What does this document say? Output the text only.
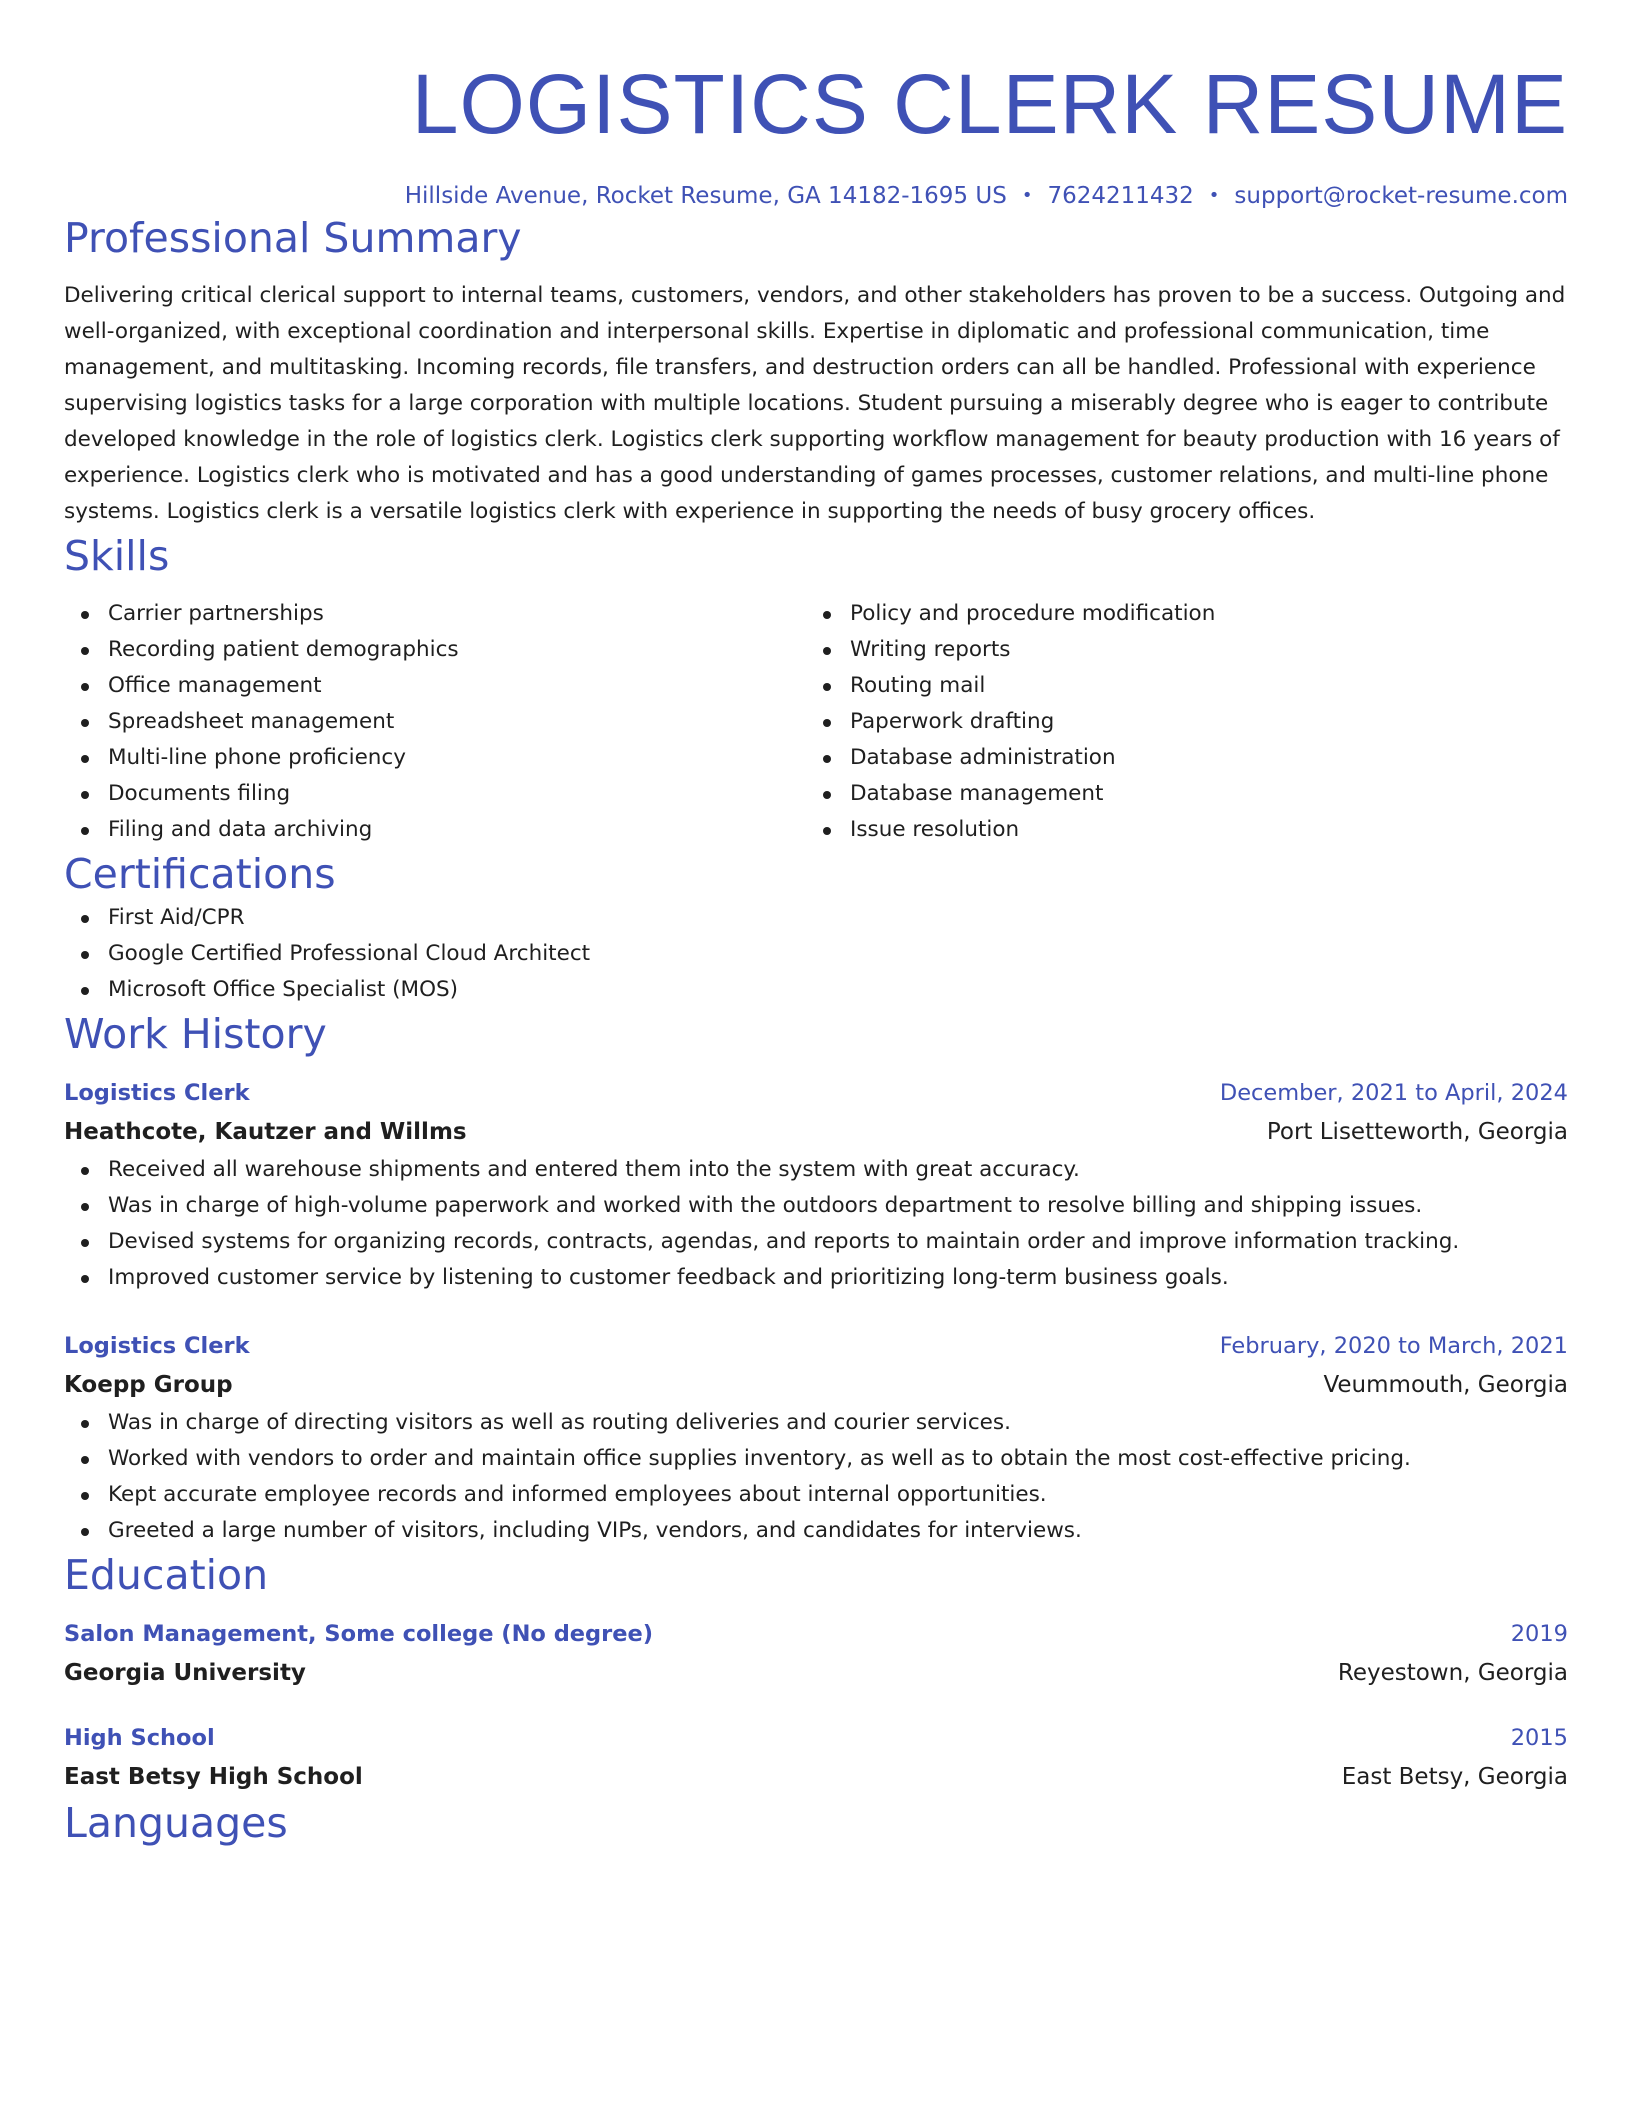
LOGISTICS CLERK RESUME
Hillside Avenue, Rocket Resume, GA 14182-1695 US • 7624211432 • support@rocket-resume.com
Professional Summary
Delivering critical clerical support to internal teams, customers, vendors, and other stakeholders has proven to be a success. Outgoing and well-organized, with exceptional coordination and interpersonal skills. Expertise in diplomatic and professional communication, time management, and multitasking. Incoming records, file transfers, and destruction orders can all be handled. Professional with experience supervising logistics tasks for a large corporation with multiple locations. Student pursuing a miserably degree who is eager to contribute developed knowledge in the role of logistics clerk. Logistics clerk supporting workflow management for beauty production with 16 years of experience. Logistics clerk who is motivated and has a good understanding of games processes, customer relations, and multi-line phone systems. Logistics clerk is a versatile logistics clerk with experience in supporting the needs of busy grocery offices.
Skills
Carrier partnerships
Recording patient demographics
Office management
Spreadsheet management
Multi-line phone proficiency
Documents filing
Filing and data archiving
Policy and procedure modification
Writing reports
Routing mail
Paperwork drafting
Database administration
Database management
Issue resolution
Certifications
First Aid/CPR
Google Certified Professional Cloud Architect
Microsoft Office Specialist (MOS)
Work History
Logistics Clerk	December, 2021 to April, 2024
Heathcote, Kautzer and Willms	Port Lisetteworth, Georgia
Received all warehouse shipments and entered them into the system with great accuracy.
Was in charge of high-volume paperwork and worked with the outdoors department to resolve billing and shipping issues.
Devised systems for organizing records, contracts, agendas, and reports to maintain order and improve information tracking.
Improved customer service by listening to customer feedback and prioritizing long-term business goals.
Logistics Clerk	February, 2020 to March, 2021
Koepp Group	Veummouth, Georgia
Was in charge of directing visitors as well as routing deliveries and courier services.
Worked with vendors to order and maintain office supplies inventory, as well as to obtain the most cost-effective pricing.
Kept accurate employee records and informed employees about internal opportunities.
Greeted a large number of visitors, including VIPs, vendors, and candidates for interviews.
Education
Salon Management, Some college (No degree)	2019
Georgia University	Reyestown, Georgia
High School	2015
East Betsy High School	East Betsy, Georgia
Languages
